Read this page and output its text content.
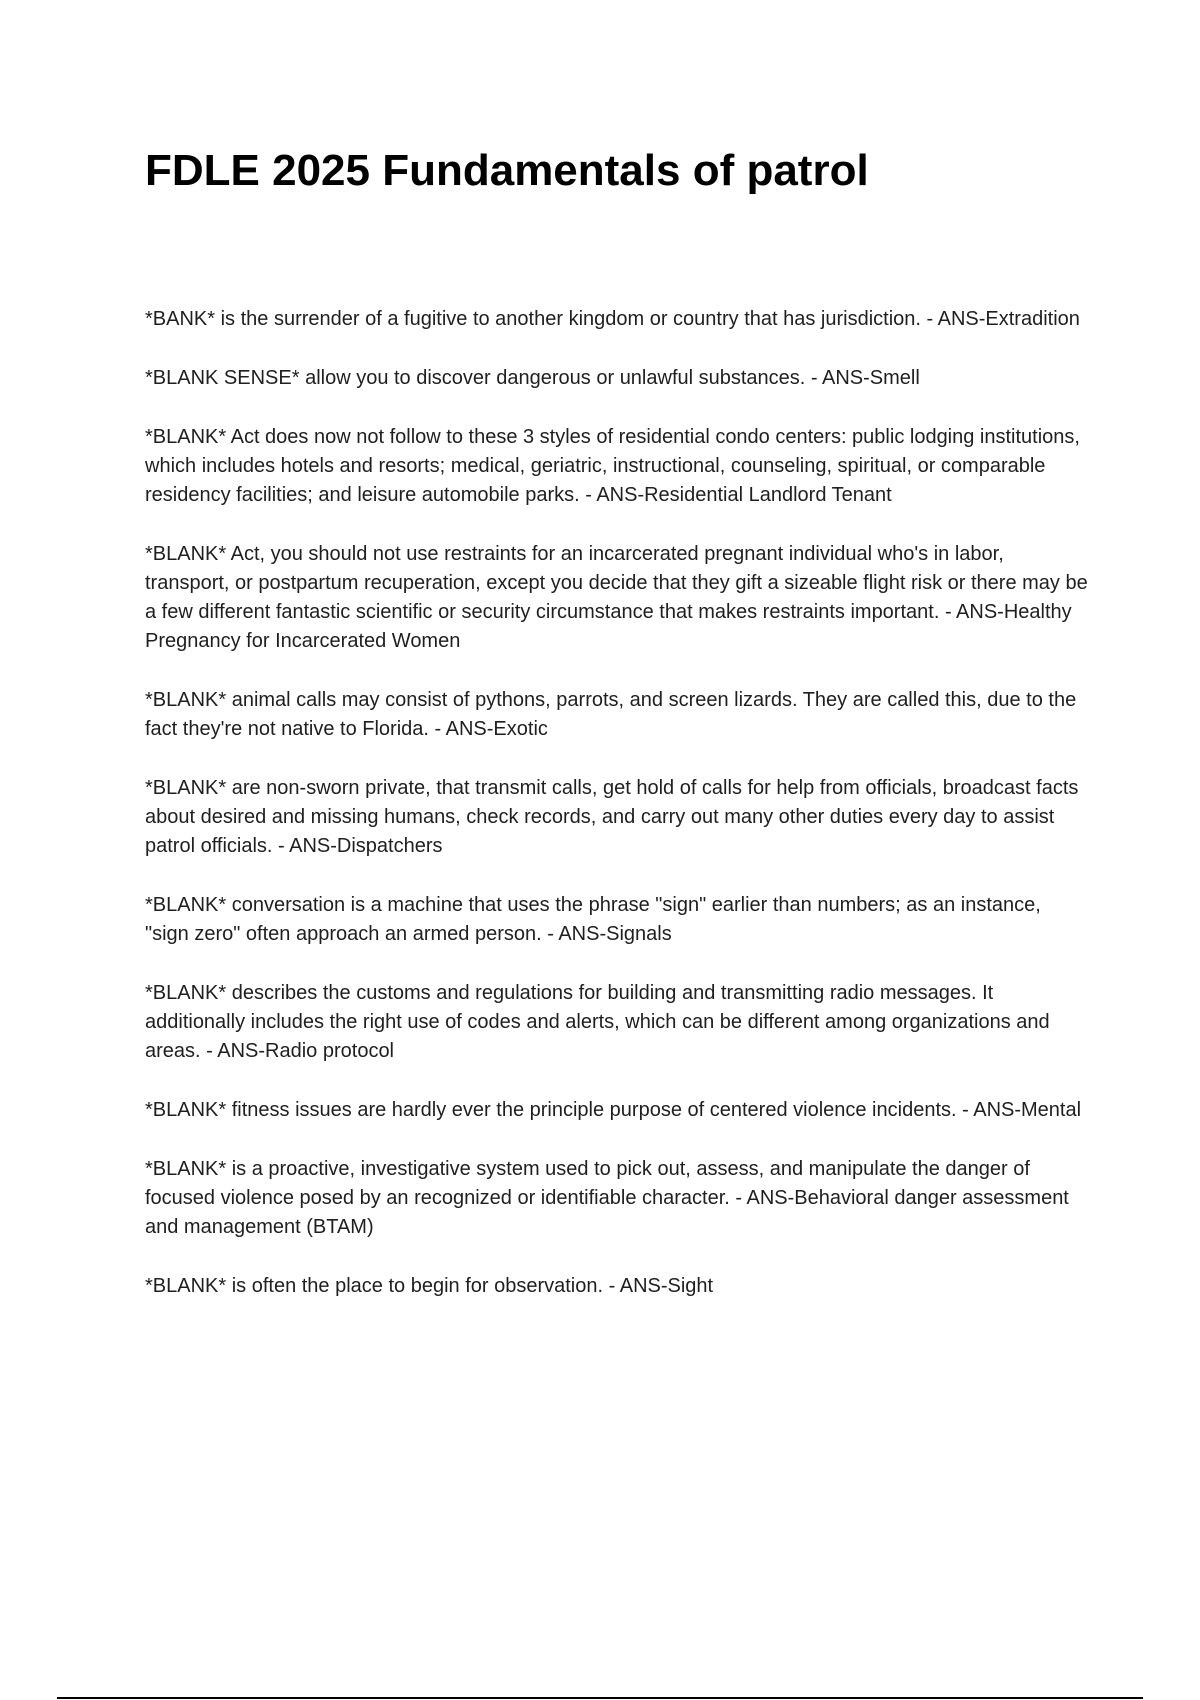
FDLE 2025 Fundamentals of patrol

*BANK* is the surrender of a fugitive to another kingdom or country that has jurisdiction. - ANS-Extradition

*BLANK SENSE* allow you to discover dangerous or unlawful substances. - ANS-Smell

*BLANK* Act does now not follow to these 3 styles of residential condo centers: public lodging institutions, which includes hotels and resorts; medical, geriatric, instructional, counseling, spiritual, or comparable residency facilities; and leisure automobile parks. - ANS-Residential Landlord Tenant

*BLANK* Act, you should not use restraints for an incarcerated pregnant individual who's in labor, transport, or postpartum recuperation, except you decide that they gift a sizeable flight risk or there may be a few different fantastic scientific or security circumstance that makes restraints important. - ANS-Healthy Pregnancy for Incarcerated Women

*BLANK* animal calls may consist of pythons, parrots, and screen lizards. They are called this, due to the fact they're not native to Florida. - ANS-Exotic

*BLANK* are non-sworn private, that transmit calls, get hold of calls for help from officials, broadcast facts about desired and missing humans, check records, and carry out many other duties every day to assist patrol officials. - ANS-Dispatchers

*BLANK* conversation is a machine that uses the phrase "sign" earlier than numbers; as an instance, "sign zero" often approach an armed person. - ANS-Signals

*BLANK* describes the customs and regulations for building and transmitting radio messages. It additionally includes the right use of codes and alerts, which can be different among organizations and areas. - ANS-Radio protocol

*BLANK* fitness issues are hardly ever the principle purpose of centered violence incidents. - ANS-Mental

*BLANK* is a proactive, investigative system used to pick out, assess, and manipulate the danger of focused violence posed by an recognized or identifiable character. - ANS-Behavioral danger assessment and management (BTAM)

*BLANK* is often the place to begin for observation. - ANS-Sight
